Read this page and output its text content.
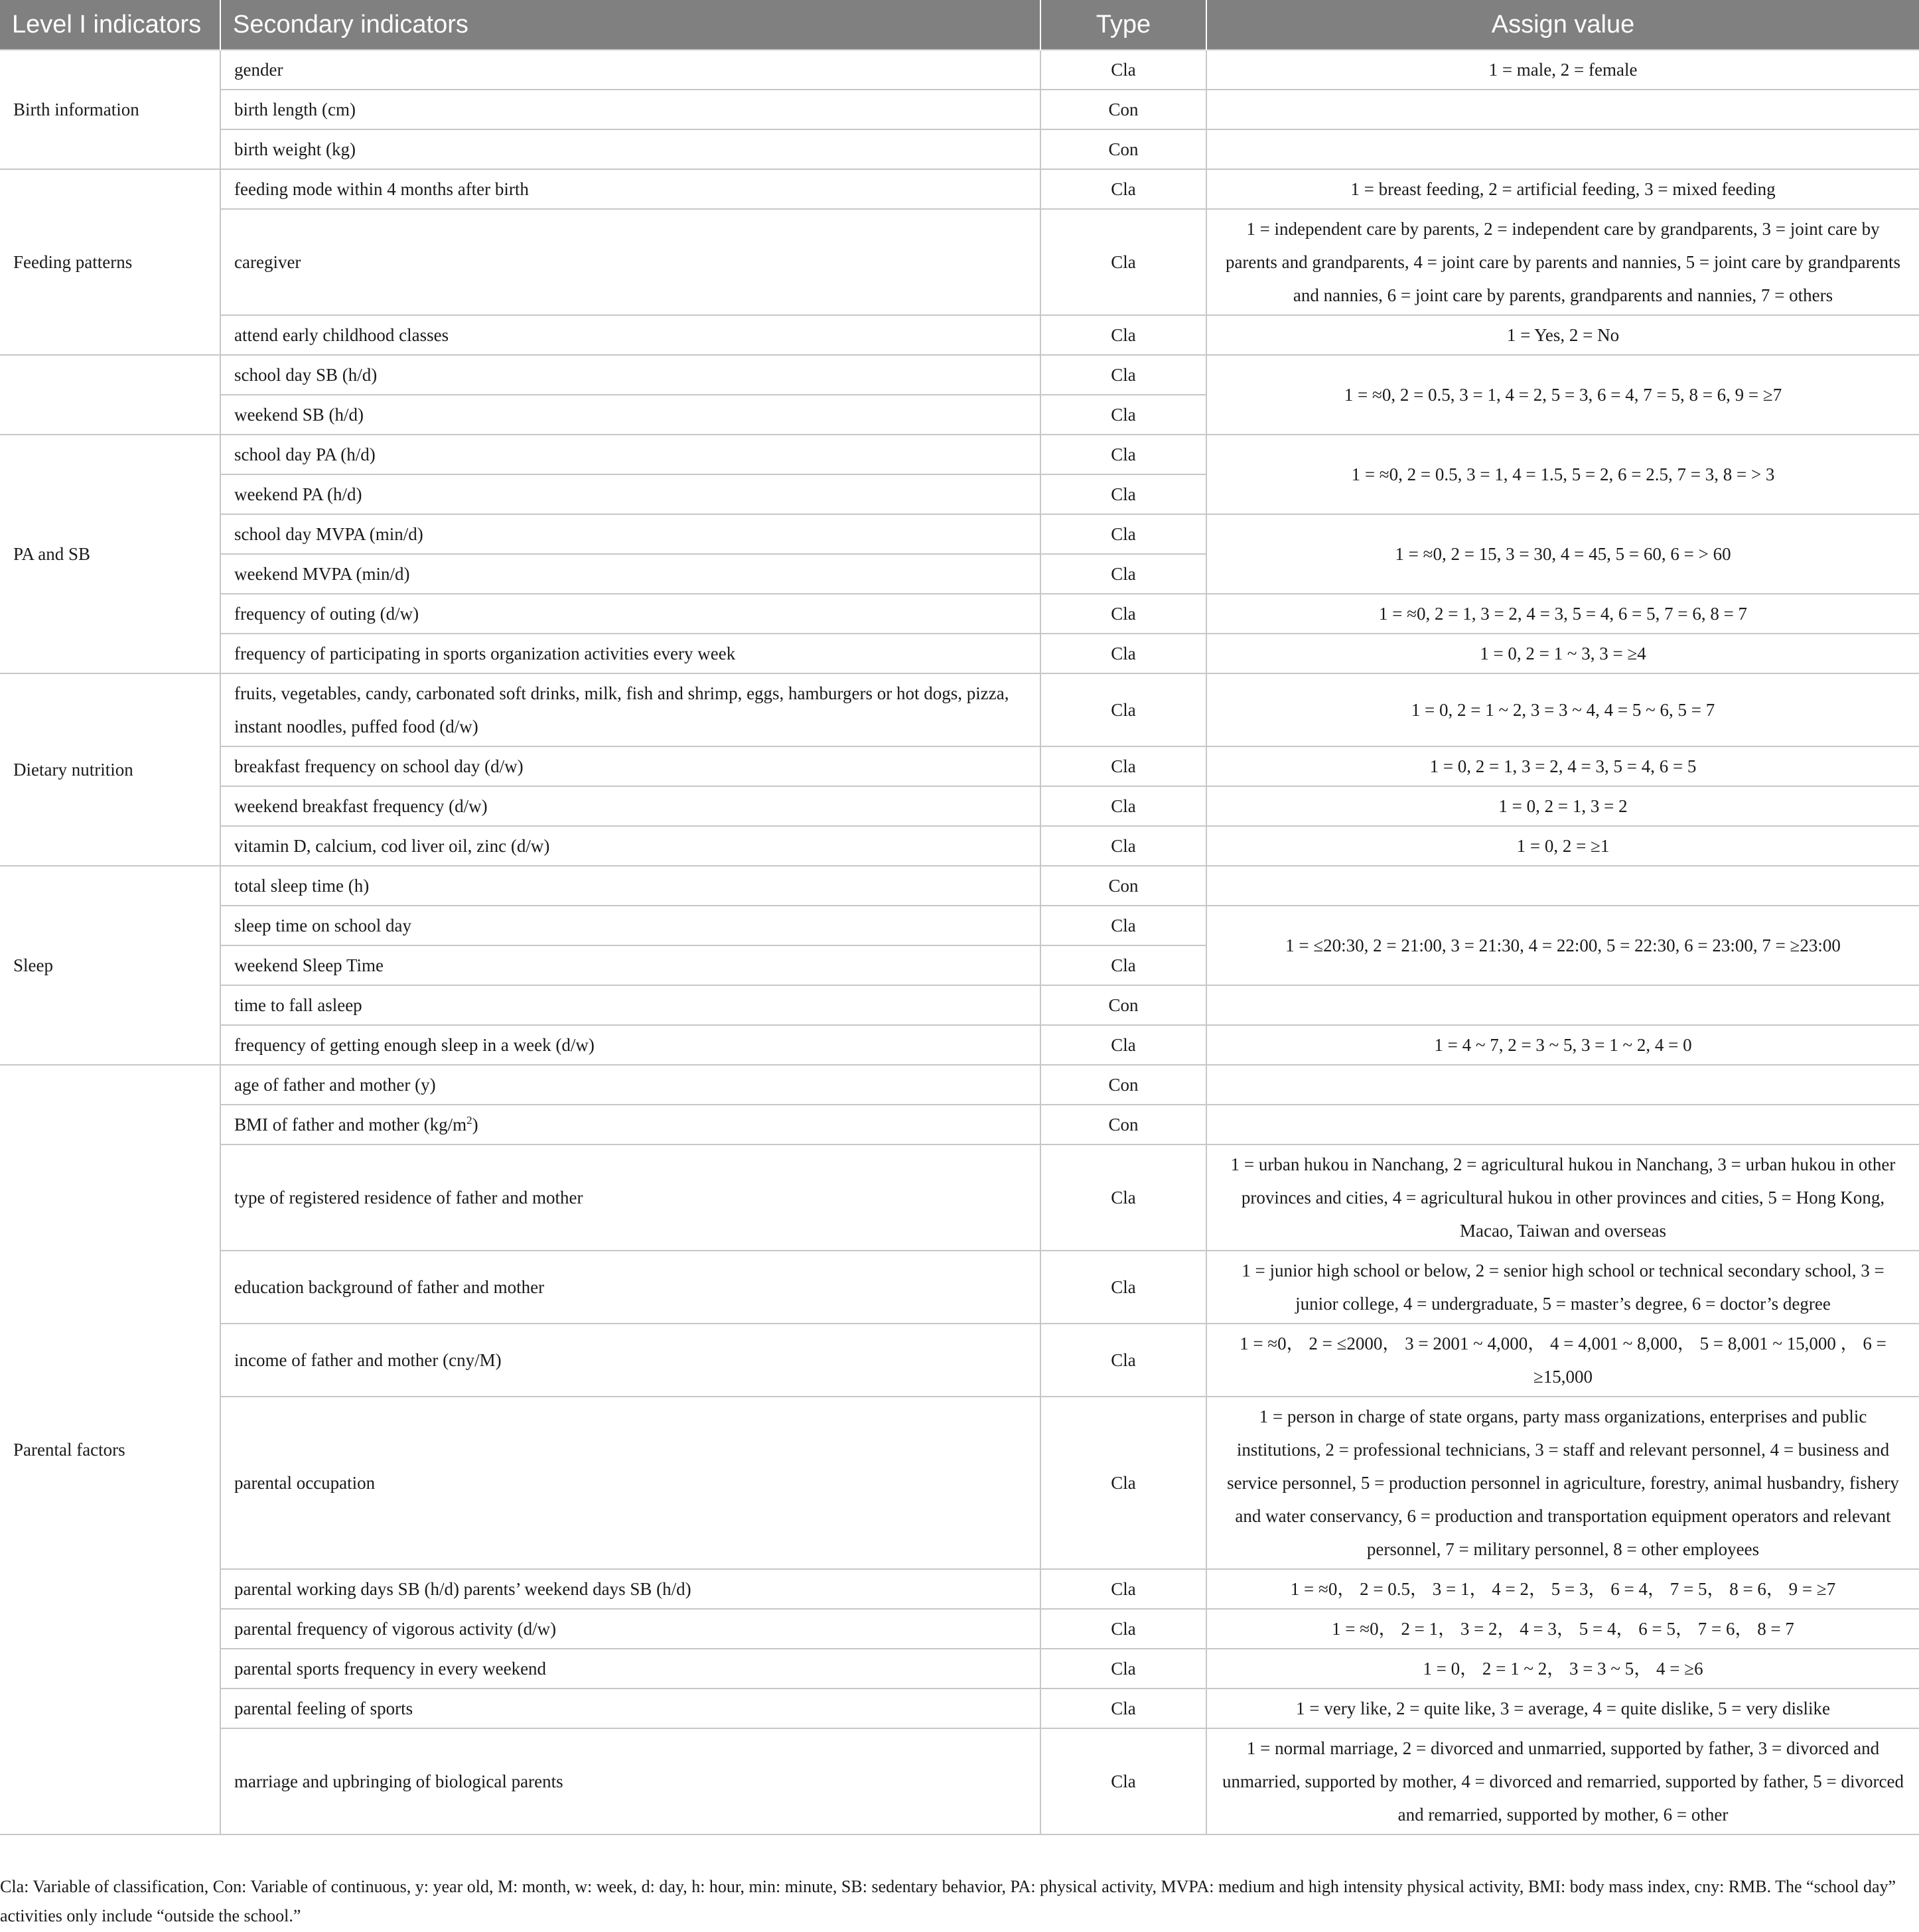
Level I indicators	Secondary indicators	Type	Assign value
Birth information	gender	Cla	1 = male, 2 = female
	birth length (cm)	Con	
	birth weight (kg)	Con	
Feeding patterns	feeding mode within 4 months after birth	Cla	1 = breast feeding, 2 = artificial feeding, 3 = mixed feeding
	caregiver	Cla	1 = independent care by parents, 2 = independent care by grandparents, 3 = joint care by parents and grandparents, 4 = joint care by parents and nannies, 5 = joint care by grandparents and nannies, 6 = joint care by parents, grandparents and nannies, 7 = others
	attend early childhood classes	Cla	1 = Yes, 2 = No
	school day SB (h/d)	Cla	1 = ≈0, 2 = 0.5, 3 = 1, 4 = 2, 5 = 3, 6 = 4, 7 = 5, 8 = 6, 9 = ≥7
	weekend SB (h/d)	Cla	
PA and SB	school day PA (h/d)	Cla	1 = ≈0, 2 = 0.5, 3 = 1, 4 = 1.5, 5 = 2, 6 = 2.5, 7 = 3, 8 = > 3
	weekend PA (h/d)	Cla	
	school day MVPA (min/d)	Cla	1 = ≈0, 2 = 15, 3 = 30, 4 = 45, 5 = 60, 6 = > 60
	weekend MVPA (min/d)	Cla	
	frequency of outing (d/w)	Cla	1 = ≈0, 2 = 1, 3 = 2, 4 = 3, 5 = 4, 6 = 5, 7 = 6, 8 = 7
	frequency of participating in sports organization activities every week	Cla	1 = 0, 2 = 1 ~ 3, 3 = ≥4
Dietary nutrition	fruits, vegetables, candy, carbonated soft drinks, milk, fish and shrimp, eggs, hamburgers or hot dogs, pizza, instant noodles, puffed food (d/w)	Cla	1 = 0, 2 = 1 ~ 2, 3 = 3 ~ 4, 4 = 5 ~ 6, 5 = 7
	breakfast frequency on school day (d/w)	Cla	1 = 0, 2 = 1, 3 = 2, 4 = 3, 5 = 4, 6 = 5
	weekend breakfast frequency (d/w)	Cla	1 = 0, 2 = 1, 3 = 2
	vitamin D, calcium, cod liver oil, zinc (d/w)	Cla	1 = 0, 2 = ≥1
Sleep	total sleep time (h)	Con	
	sleep time on school day	Cla	1 = ≤20:30, 2 = 21:00, 3 = 21:30, 4 = 22:00, 5 = 22:30, 6 = 23:00, 7 = ≥23:00
	weekend Sleep Time	Cla	
	time to fall asleep	Con	
	frequency of getting enough sleep in a week (d/w)	Cla	1 = 4 ~ 7, 2 = 3 ~ 5, 3 = 1 ~ 2, 4 = 0
Parental factors	age of father and mother (y)	Con	
	BMI of father and mother $(kg/m^2)$	Con	
	type of registered residence of father and mother	Cla	1 = urban hukou in Nanchang, 2 = agricultural hukou in Nanchang, 3 = urban hukou in other provinces and cities, 4 = agricultural hukou in other provinces and cities, 5 = Hong Kong, Macao, Taiwan and overseas
	education background of father and mother	Cla	1 = junior high school or below, 2 = senior high school or technical secondary school, 3 = junior college, 4 = undergraduate, 5 = master’s degree, 6 = doctor’s degree
	income of father and mother (cny/M)	Cla	1 = ≈0， 2 = ≤2000， 3 = 2001 ~ 4,000， 4 = 4,001 ~ 8,000， 5 = 8,001 ~ 15,000 ， 6 = ≥15,000
	parental occupation	Cla	1 = person in charge of state organs, party mass organizations, enterprises and public institutions, 2 = professional technicians, 3 = staff and relevant personnel, 4 = business and service personnel, 5 = production personnel in agriculture, forestry, animal husbandry, fishery and water conservancy, 6 = production and transportation equipment operators and relevant personnel, 7 = military personnel, 8 = other employees
	parental working days SB (h/d) parents’ weekend days SB (h/d)	Cla	1 = ≈0， 2 = 0.5， 3 = 1， 4 = 2， 5 = 3， 6 = 4， 7 = 5， 8 = 6， 9 = ≥7
	parental frequency of vigorous activity (d/w)	Cla	1 = ≈0， 2 = 1， 3 = 2， 4 = 3， 5 = 4， 6 = 5， 7 = 6， 8 = 7
	parental sports frequency in every weekend	Cla	1 = 0， 2 = 1 ~ 2， 3 = 3 ~ 5， 4 = ≥6
	parental feeling of sports	Cla	1 = very like, 2 = quite like, 3 = average, 4 = quite dislike, 5 = very dislike
	marriage and upbringing of biological parents	Cla	1 = normal marriage, 2 = divorced and unmarried, supported by father, 3 = divorced and unmarried, supported by mother, 4 = divorced and remarried, supported by father, 5 = divorced and remarried, supported by mother, 6 = other
Cla: Variable of classification, Con: Variable of continuous, y: year old, M: month, w: week, d: day, h: hour, min: minute, SB: sedentary behavior, PA: physical activity, MVPA: medium and high intensity physical activity, BMI: body mass index, cny: RMB. The “school day” activities only include “outside the school.”
